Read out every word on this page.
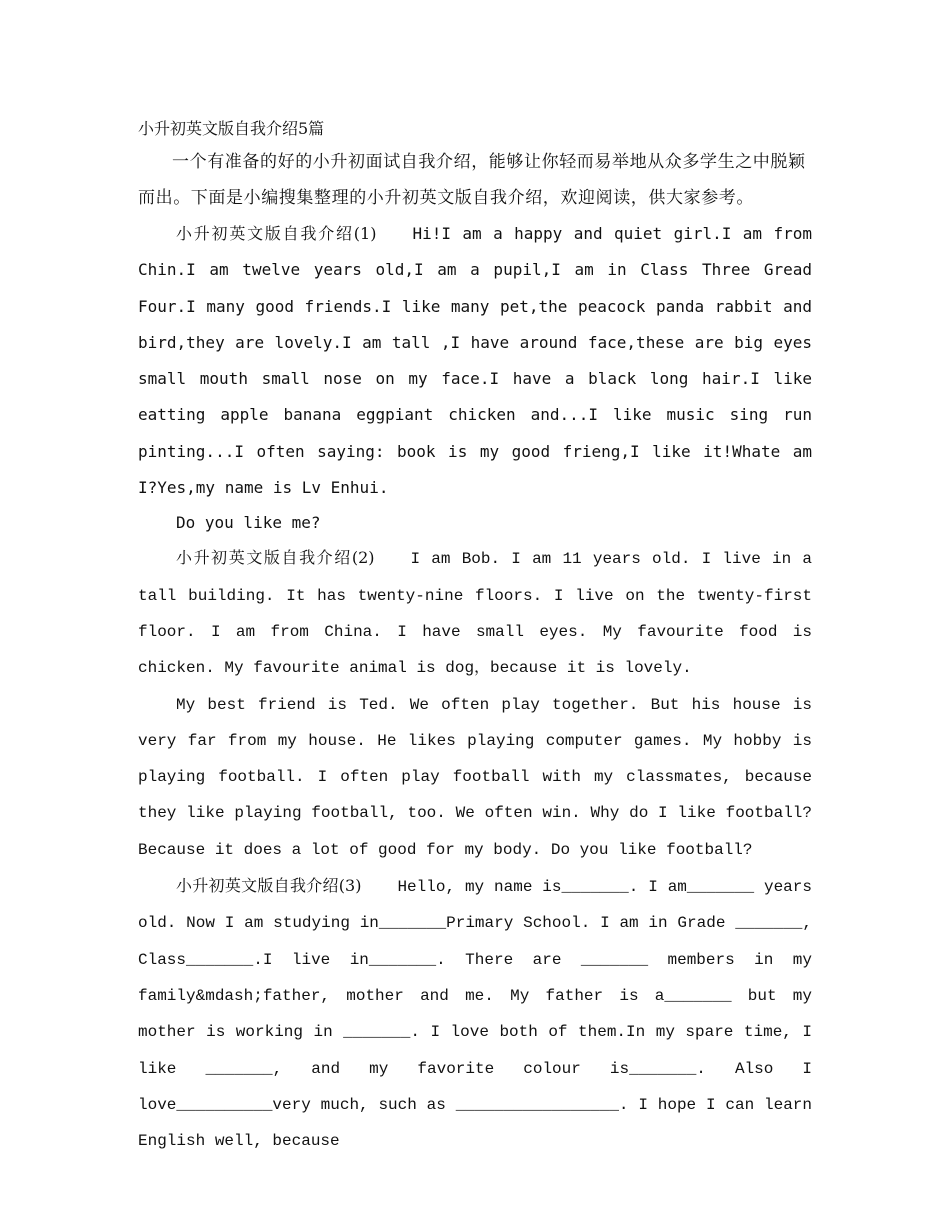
小升初英文版自我介绍5篇

一个有准备的好的小升初面试自我介绍，能够让你轻而易举地从众多学生之中脱颖而出。下面是小编搜集整理的小升初英文版自我介绍，欢迎阅读，供大家参考。

小升初英文版自我介绍(1) Hi!I am a happy and quiet girl.I am from Chin.I am twelve years old,I am a pupil,I am in Class Three Gread Four.I many good friends.I like many pet,the peacock panda rabbit and bird,they are lovely.I am tall ,I have around face,these are big eyes small mouth small nose on my face.I have a black long hair.I like eatting apple banana eggpiant chicken and...I like music sing run pinting...I often saying: book is my good frieng,I like it!Whate am I?Yes,my name is Lv Enhui.

Do you like me?

小升初英文版自我介绍(2) I am Bob. I am 11 years old. I live in a tall building. It has twenty-nine floors. I live on the twenty-first floor. I am from China. I have small eyes. My favourite food is chicken. My favourite animal is dog，because it is lovely.

My best friend is Ted. We often play together. But his house is very far from my house. He likes playing computer games. My hobby is playing football. I often play football with my classmates, because they like playing football, too. We often win. Why do I like football? Because it does a lot of good for my body. Do you like football?

小升初英文版自我介绍(3) Hello, my name is_______. I am_______ years old. Now I am studying in_______Primary School. I am in Grade _______, Class_______.I live in_______. There are _______ members in my family&mdash;father, mother and me. My father is a_______ but my mother is working in _______. I love both of them.In my spare time, I like _______, and my favorite colour is_______. Also I love__________very much, such as _________________. I hope I can learn English well, because
